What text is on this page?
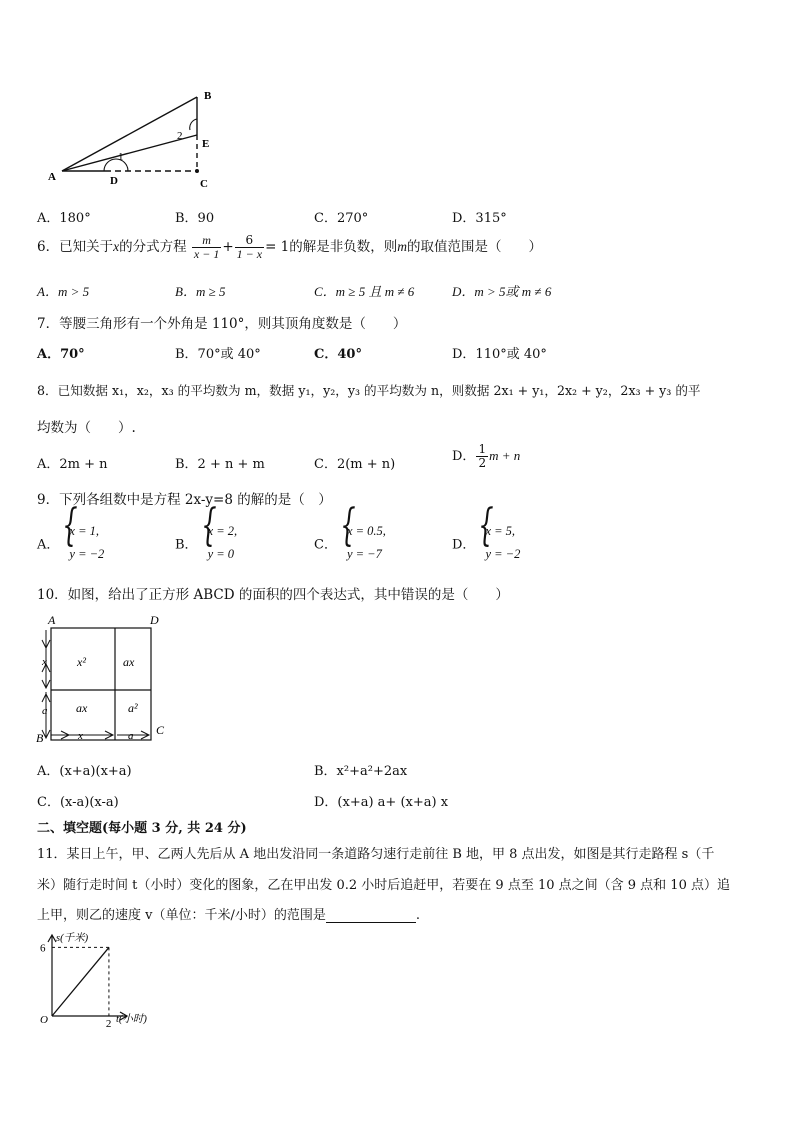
B
E
A	D	C
1
2
A．180°	B．90	C．270°	D．315°
6．已知关于x的分式方程 $\frac{m}{x - 1} + \frac{6}{1 - x} = 1$的解是非负数，则m的取值范围是（　　）
A．m > 5	B．m ≥ 5	C．m ≥ 5 且 m ≠ 6	D．m > 5或 m ≠ 6
7．等腰三角形有一个外角是 110°，则其顶角度数是（　　）
A．70°	B．70°或 40°	C．40°	D．110°或 40°
8．已知数据 x₁，x₂，x₃ 的平均数为 m，数据 y₁，y₂，y₃ 的平均数为 n，则数据 2x₁ + y₁，2x₂ + y₂，2x₃ + y₃ 的平
均数为（　　）.
A．2m + n	B．2 + n + m	C．2(m + n)
D． $\frac{1}{2}$ m + n
9．下列各组数中是方程 2x-y=8 的解的是（　）
A．
{ x = 1,
y = −2
B．
{ x = 2,
y = 0
C．
{ x = 0.5,
y = −7
D．
{ x = 5,
y = −2
10．如图，给出了正方形 ABCD 的面积的四个表达式，其中错误的是（　　）
A	D
B
C
x²	ax
ax	a²
x
a
x	a
A．(x+a)(x+a)	B．x²+a²+2ax
C．(x-a)(x-a)	D．(x+a) a+ (x+a) x
二、填空题(每小题 3 分, 共 24 分)
11．某日上午，甲、乙两人先后从 A 地出发沿同一条道路匀速行走前往 B 地，甲 8 点出发，如图是其行走路程 s（千
米）随行走时间 t（小时）变化的图象，乙在甲出发 0.2 小时后追赶甲，若要在 9 点至 10 点之间（含 9 点和 10 点）追
上甲，则乙的速度 v（单位：千米/小时）的范围是	.
s(千米)
t(小时)
O
6
2
